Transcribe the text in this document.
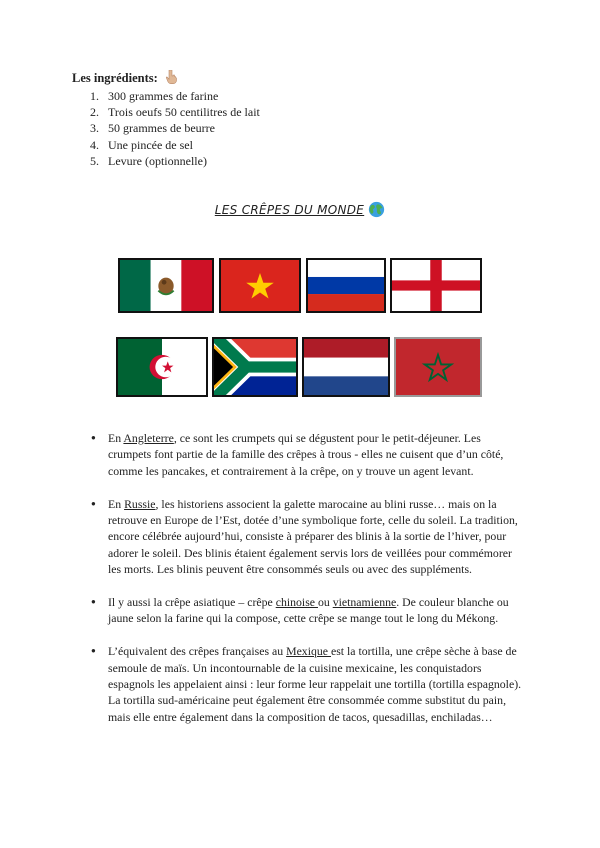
Les ingrédients:
1. 300 grammes de farine
2. Trois oeufs 50 centilitres de lait
3. 50 grammes de beurre
4. Une pincée de sel
5. Levure (optionnelle)
LES CRÊPES DU MONDE
● En Angleterre, ce sont les crumpets qui se dégustent pour le petit-déjeuner. Les crumpets font partie de la famille des crêpes à trous - elles ne cuisent que d’un côté, comme les pancakes, et contrairement à la crêpe, on y trouve un agent levant.
● En Russie, les historiens associent la galette marocaine au blini russe… mais on la retrouve en Europe de l’Est, dotée d’une symbolique forte, celle du soleil. La tradition, encore célébrée aujourd’hui, consiste à préparer des blinis à la sortie de l’hiver, pour adorer le soleil. Des blinis étaient également servis lors de veillées pour commémorer les morts. Les blinis peuvent être consommés seuls ou avec des suppléments.
● Il y aussi la crêpe asiatique – crêpe chinoise ou vietnamienne. De couleur blanche ou jaune selon la farine qui la compose, cette crêpe se mange tout le long du Mékong.
● L’équivalent des crêpes françaises au Mexique est la tortilla, une crêpe sèche à base de semoule de maïs. Un incontournable de la cuisine mexicaine, les conquistadors espagnols les appelaient ainsi : leur forme leur rappelait une tortilla (tortilla espagnole). La tortilla sud-américaine peut également être consommée comme substitut du pain, mais elle entre également dans la composition de tacos, quesadillas, enchiladas…
